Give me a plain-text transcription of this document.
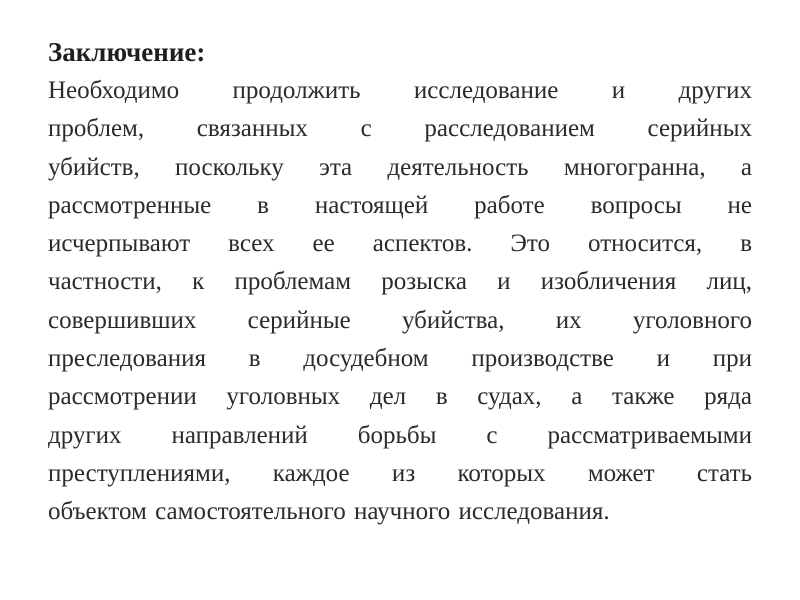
Заключение:
Необходимо продолжить исследование и других
проблем, связанных с расследованием серийных
убийств, поскольку эта деятельность многогранна, а
рассмотренные в настоящей работе вопросы не
исчерпывают всех ее аспектов. Это относится, в
частности, к проблемам розыска и изобличения лиц,
совершивших серийные убийства, их уголовного
преследования в досудебном производстве и при
рассмотрении уголовных дел в судах, а также ряда
других направлений борьбы с рассматриваемыми
преступлениями, каждое из которых может стать
объектом самостоятельного научного исследования.
